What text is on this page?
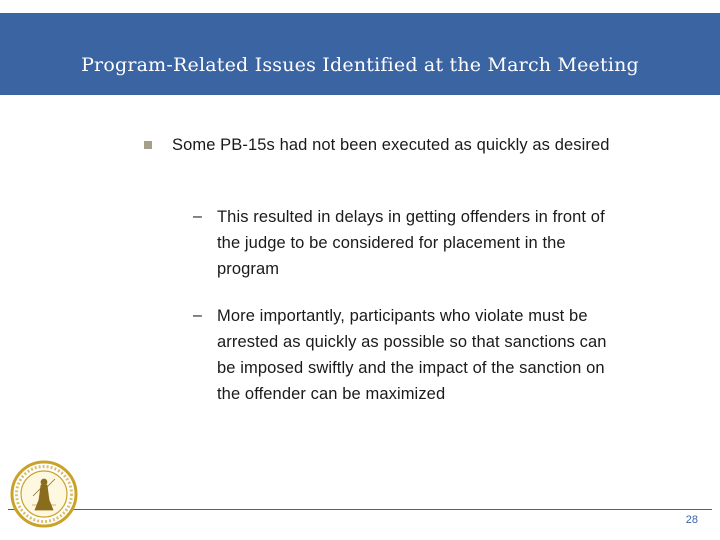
Program-Related Issues Identified at the March Meeting
Some PB-15s had not been executed as quickly as desired
– This resulted in delays in getting offenders in front of the judge to be considered for placement in the program
– More importantly, participants who violate must be arrested as quickly as possible so that sanctions can be imposed swiftly and the impact of the sanction on the offender can be maximized
28
